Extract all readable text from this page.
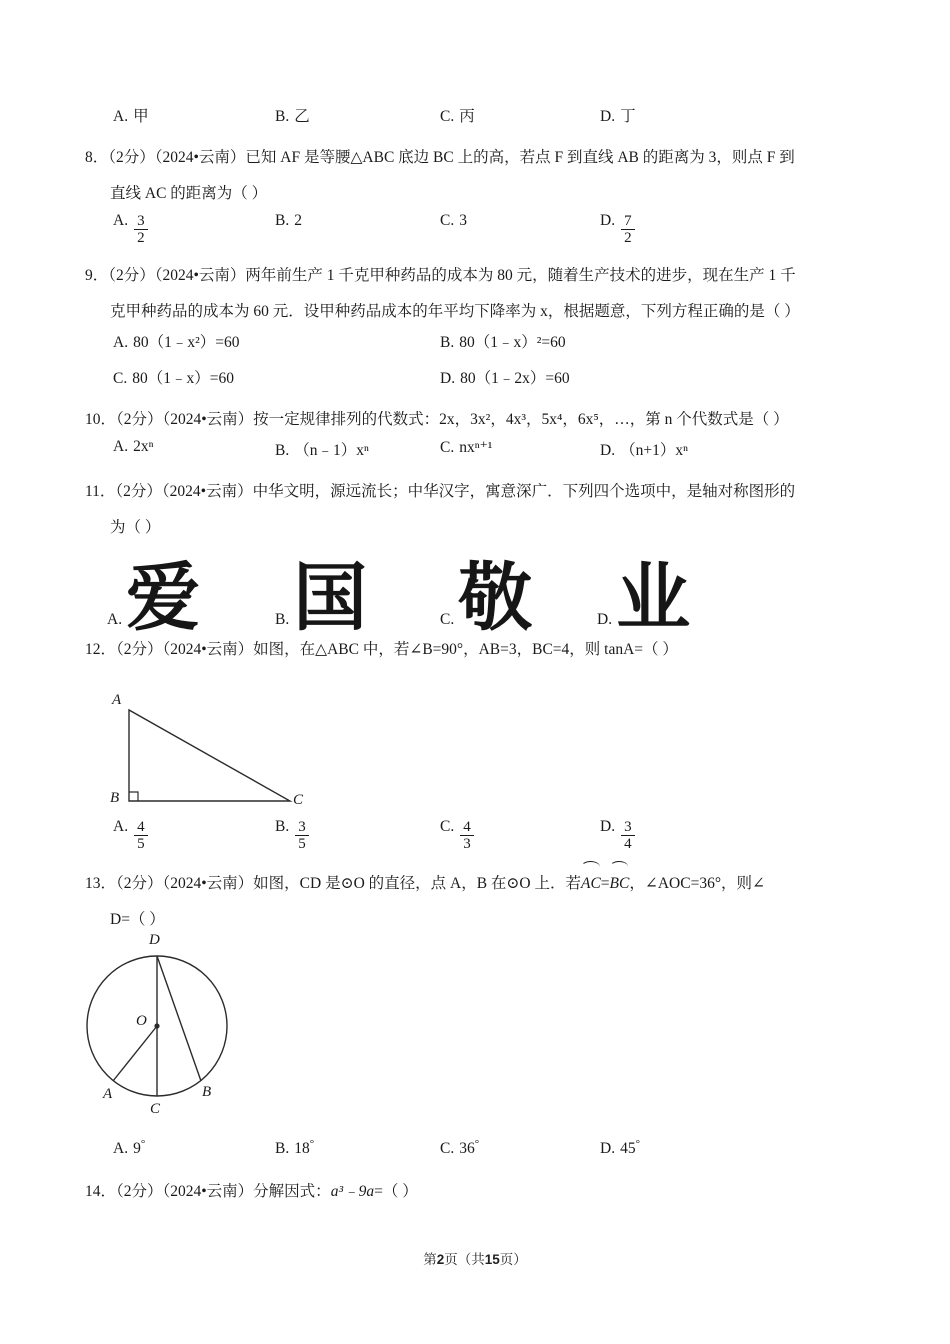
A. 甲	B. 乙	C. 丙	D. 丁
8．（2分）（2024•云南）已知 AF 是等腰△ABC 底边 BC 上的高，若点 F 到直线 AB 的距离为 3，则点 F 到
直线 AC 的距离为（ ）
A. $\frac{3}{2}$	B. 2	C. 3	D. $\frac{7}{2}$
9．（2分）（2024•云南）两年前生产 1 千克甲种药品的成本为 80 元，随着生产技术的进步，现在生产 1 千
克甲种药品的成本为 60 元．设甲种药品成本的年平均下降率为 x，根据题意，下列方程正确的是（ ）
A. 80（1﹣x²）=60	B. 80（1﹣x）²=60
C. 80（1﹣x）=60	D. 80（1﹣2x）=60
10．（2分）（2024•云南）按一定规律排列的代数式：2x，3x²，4x³，5x⁴，6x⁵，…，第 n 个代数式是（ ）
A. 2xⁿ	B. （n﹣1）xⁿ	C. nxⁿ⁺¹	D. （n+1）xⁿ
11．（2分）（2024•云南）中华文明，源远流长；中华汉字，寓意深广．下列四个选项中，是轴对称图形的
为（ ）
A. 爱	B. 国	C. 敬	D. 业
12．（2分）（2024•云南）如图，在△ABC 中，若∠B=90°，AB=3，BC=4，则 tanA=（ ）
A
B	C
A. $\frac{4}{5}$	B. $\frac{3}{5}$	C. $\frac{4}{3}$	D. $\frac{3}{4}$
13．（2分）（2024•云南）如图，CD 是⊙O 的直径，点 A，B 在⊙O 上．若AC=BC，∠AOC=36°，则∠
D=（ ）
D
O
A	B
C
A. 9°	B. 18°	C. 36°	D. 45°
14．（2分）（2024•云南）分解因式：a³﹣9a=（ ）
第2页（共15页）
